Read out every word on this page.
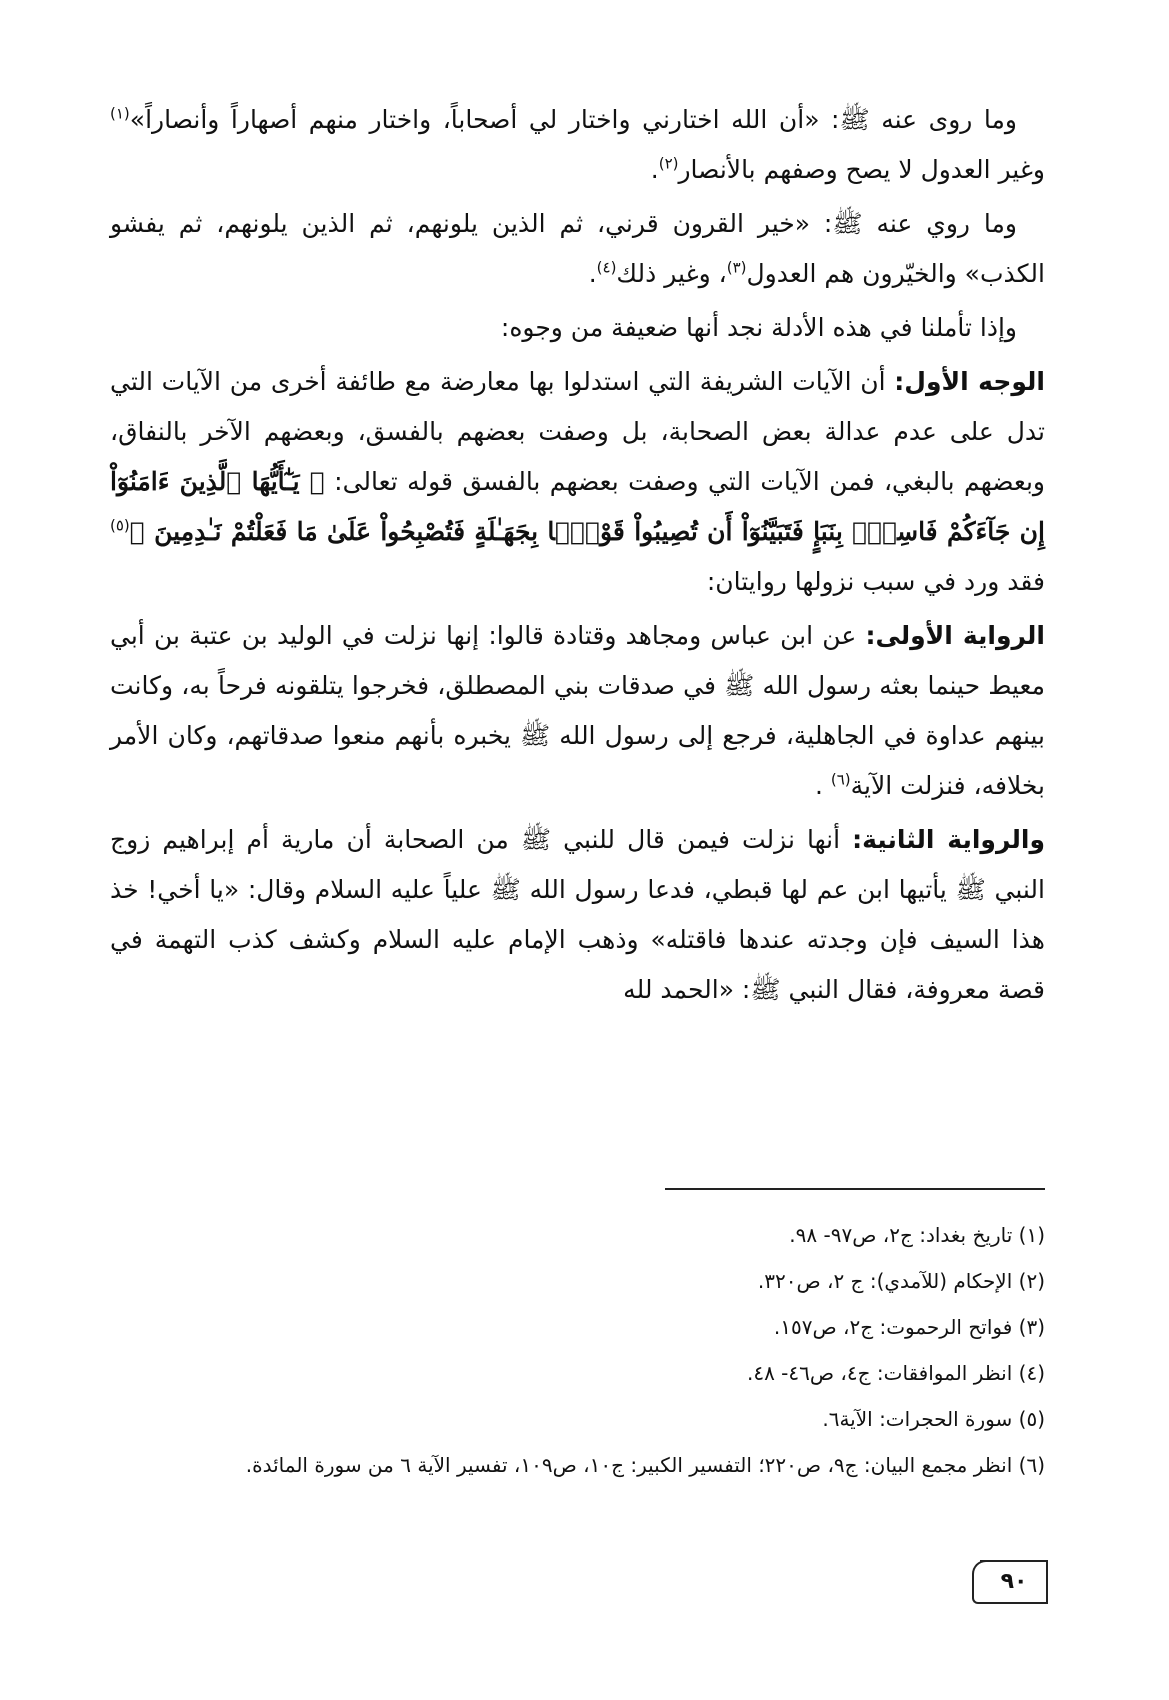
وما روى عنه ﷺ: «أن الله اختارني واختار لي أصحاباً، واختار منهم أصهاراً وأنصاراً»$^{(١)}$ وغير العدول لا يصح وصفهم بالأنصار$^{(٢)}$.

وما روي عنه ﷺ: «خير القرون قرني، ثم الذين يلونهم، ثم الذين يلونهم، ثم يفشو الكذب» والخيّرون هم العدول$^{(٣)}$، وغير ذلك$^{(٤)}$.

وإذا تأملنا في هذه الأدلة نجد أنها ضعيفة من وجوه:

الوجه الأول: أن الآيات الشريفة التي استدلوا بها معارضة مع طائفة أخرى من الآيات التي تدل على عدم عدالة بعض الصحابة، بل وصفت بعضهم بالفسق، وبعضهم الآخر بالنفاق، وبعضهم بالبغي، فمن الآيات التي وصفت بعضهم بالفسق قوله تعالى: ﴿ يَـٰٓأَيُّهَا ٱلَّذِينَ ءَامَنُوٓاْ إِن جَآءَكُمْ فَاسِقٌۢ بِنَبَإٍ فَتَبَيَّنُوٓاْ أَن تُصِيبُواْ قَوْمًۢا بِجَهَـٰلَةٍ فَتُصْبِحُواْ عَلَىٰ مَا فَعَلْتُمْ نَـٰدِمِينَ ﴾$^{(٥)}$ فقد ورد في سبب نزولها روايتان:

الرواية الأولى: عن ابن عباس ومجاهد وقتادة قالوا: إنها نزلت في الوليد بن عتبة بن أبي معيط حينما بعثه رسول الله ﷺ في صدقات بني المصطلق، فخرجوا يتلقونه فرحاً به، وكانت بينهم عداوة في الجاهلية، فرجع إلى رسول الله ﷺ يخبره بأنهم منعوا صدقاتهم، وكان الأمر بخلافه، فنزلت الآية$^{(٦)}$ .

والرواية الثانية: أنها نزلت فيمن قال للنبي ﷺ من الصحابة أن مارية أم إبراهيم زوج النبي ﷺ يأتيها ابن عم لها قبطي، فدعا رسول الله ﷺ علياً عليه السلام وقال: «يا أخي! خذ هذا السيف فإن وجدته عندها فاقتله» وذهب الإمام عليه السلام وكشف كذب التهمة في قصة معروفة، فقال النبي ﷺ: «الحمد لله

(١) تاريخ بغداد: ج٢، ص٩٧- ٩٨.
(٢) الإحكام (للآمدي): ج ٢، ص٣٢٠.
(٣) فواتح الرحموت: ج٢، ص١٥٧.
(٤) انظر الموافقات: ج٤، ص٤٦- ٤٨.
(٥) سورة الحجرات: الآية٦.
(٦) انظر مجمع البيان: ج٩، ص٢٢٠؛ التفسير الكبير: ج١٠، ص١٠٩، تفسير الآية ٦ من سورة المائدة.
٩٠
